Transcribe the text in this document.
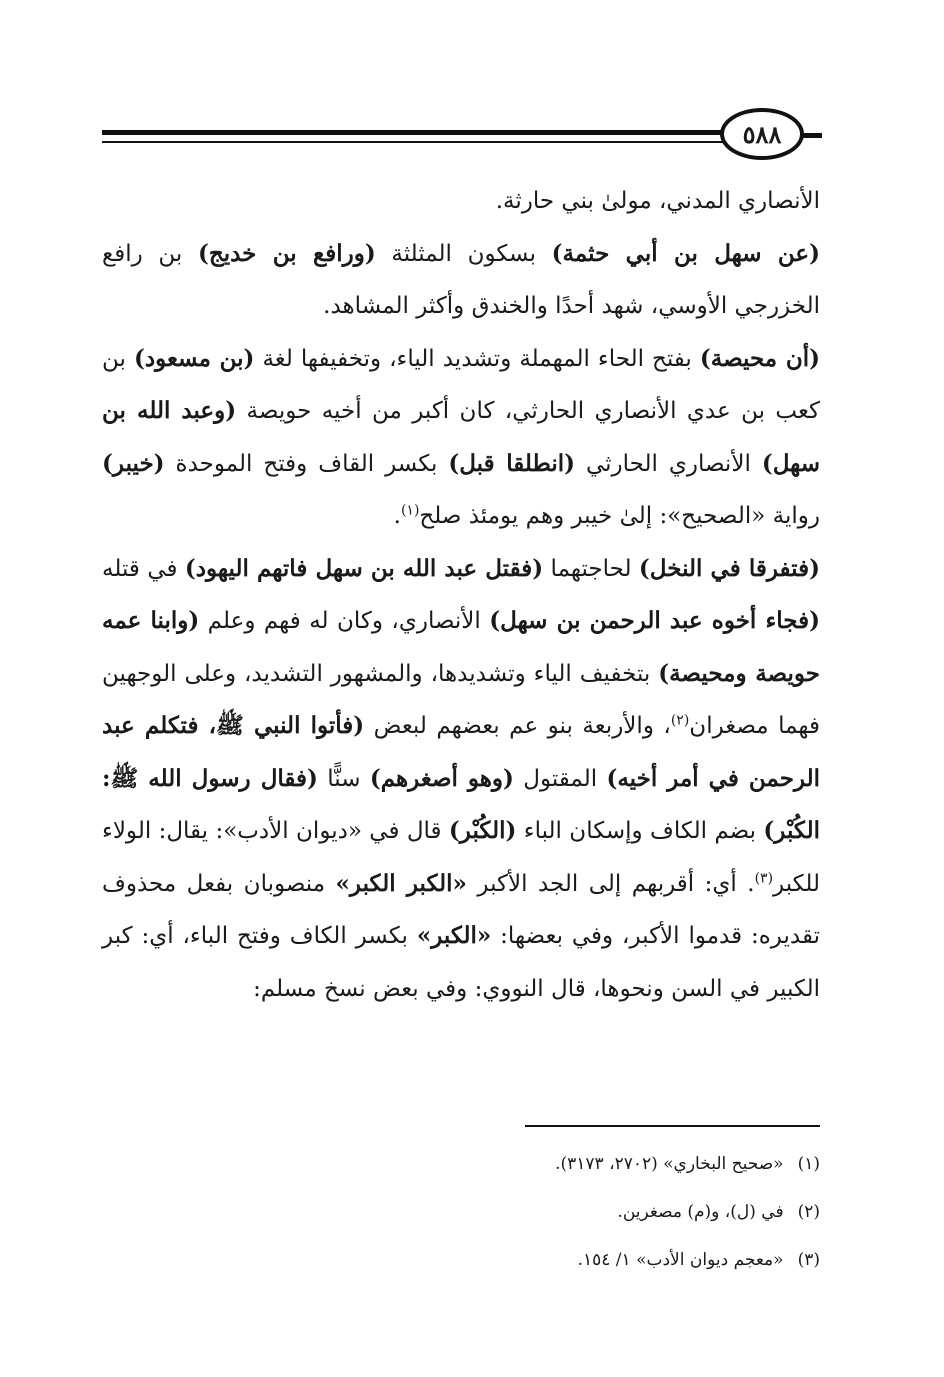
٥٨٨

الأنصاري المدني، مولىٰ بني حارثة.

(عن سهل بن أبي حثمة) بسكون المثلثة (ورافع بن خديج) بن رافع الخزرجي الأوسي، شهد أحدًا والخندق وأكثر المشاهد.

(أن محيصة) بفتح الحاء المهملة وتشديد الياء، وتخفيفها لغة (بن مسعود) بن كعب بن عدي الأنصاري الحارثي، كان أكبر من أخيه حويصة (وعبد الله بن سهل) الأنصاري الحارثي (انطلقا قبل) بكسر القاف وفتح الموحدة (خيبر) رواية «الصحيح»: إلىٰ خيبر وهم يومئذ صلح$^{(١)}$.

(فتفرقا في النخل) لحاجتهما (فقتل عبد الله بن سهل فاتهم اليهود) في قتله (فجاء أخوه عبد الرحمن بن سهل) الأنصاري، وكان له فهم وعلم (وابنا عمه حويصة ومحيصة) بتخفيف الياء وتشديدها، والمشهور التشديد، وعلى الوجهين فهما مصغران$^{(٢)}$، والأربعة بنو عم بعضهم لبعض (فأتوا النبي ﷺ، فتكلم عبد الرحمن في أمر أخيه) المقتول (وهو أصغرهم) سنًّا (فقال رسول الله ﷺ: الكُبْر) بضم الكاف وإسكان الباء (الكُبْر) قال في «ديوان الأدب»: يقال: الولاء للكبر$^{(٣)}$. أي: أقربهم إلى الجد الأكبر «الكبر الكبر» منصوبان بفعل محذوف تقديره: قدموا الأكبر، وفي بعضها: «الكبر» بكسر الكاف وفتح الباء، أي: كبر الكبير في السن ونحوها، قال النووي: وفي بعض نسخ مسلم:

(١)«صحيح البخاري» (٢٧٠٢، ٣١٧٣).
(٢)في (ل)، و(م) مصغرين.
(٣)«معجم ديوان الأدب» ١/ ١٥٤.
